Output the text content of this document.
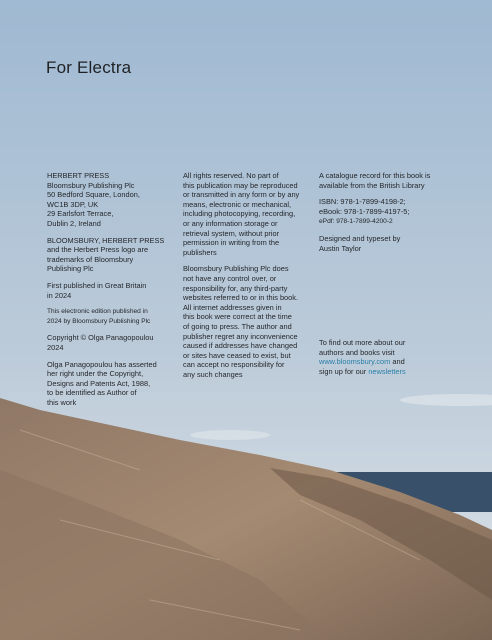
For Electra

HERBERT PRESS
Bloomsbury Publishing Plc
50 Bedford Square, London,
WC1B 3DP, UK
29 Earlsfort Terrace,
Dublin 2, Ireland

BLOOMSBURY, HERBERT PRESS
and the Herbert Press logo are
trademarks of Bloomsbury
Publishing Plc

First published in Great Britain
in 2024

This electronic edition published in
2024 by Bloomsbury Publishing Plc

Copyright © Olga Panagopoulou
2024

Olga Panagopoulou has asserted
her right under the Copyright,
Designs and Patents Act, 1988,
to be identified as Author of
this work

All rights reserved. No part of
this publication may be reproduced
or transmitted in any form or by any
means, electronic or mechanical,
including photocopying, recording,
or any information storage or
retrieval system, without prior
permission in writing from the
publishers

Bloomsbury Publishing Plc does
not have any control over, or
responsibility for, any third-party
websites referred to or in this book.
All internet addresses given in
this book were correct at the time
of going to press. The author and
publisher regret any inconvenience
caused if addresses have changed
or sites have ceased to exist, but
can accept no responsibility for
any such changes

A catalogue record for this book is
available from the British Library

ISBN: 978-1-7899-4198-2;
eBook: 978-1-7899-4197-5;
ePdf: 978-1-7899-4200-2

Designed and typeset by
Austin Taylor

To find out more about our
authors and books visit
www.bloomsbury.com and
sign up for our newsletters
